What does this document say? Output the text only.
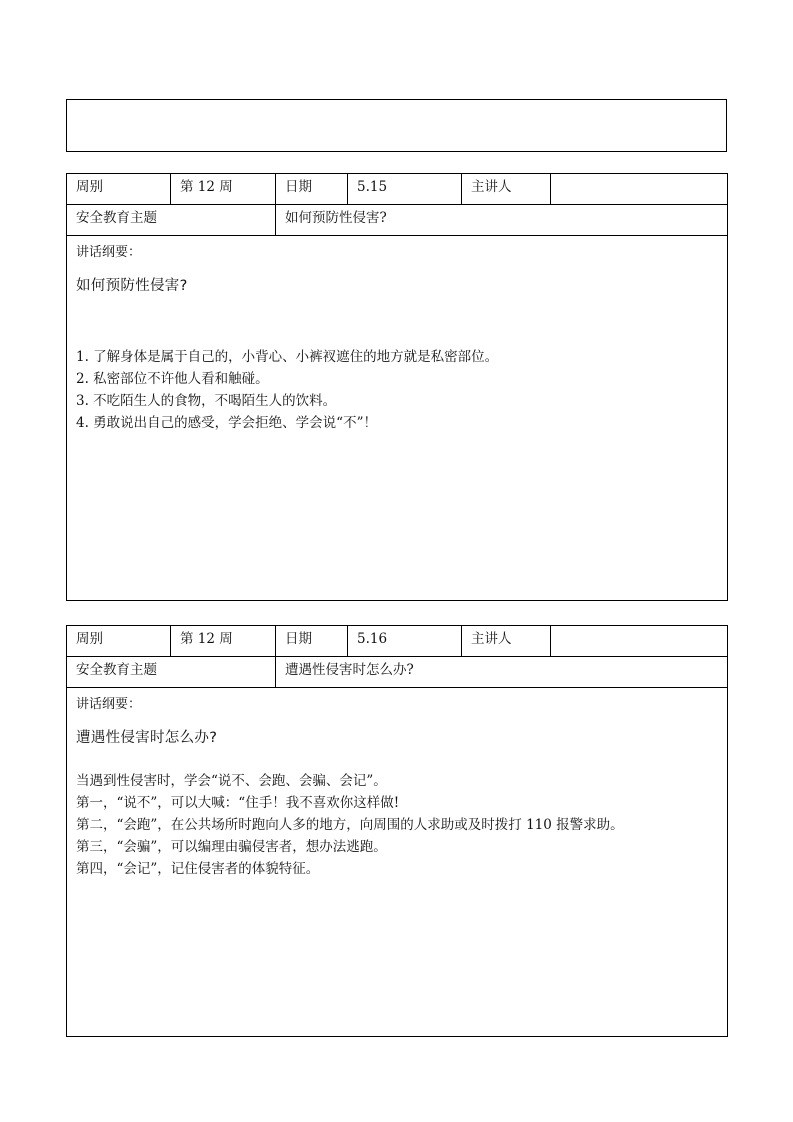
周别	第 12 周	日期	5.15	主讲人	
安全教育主题		如何预防性侵害?			

讲话纲要：

如何预防性侵害?

1. 了解身体是属于自己的，小背心、小裤衩遮住的地方就是私密部位。

2. 私密部位不许他人看和触碰。

3. 不吃陌生人的食物，不喝陌生人的饮料。

4. 勇敢说出自己的感受，学会拒绝、学会说“不”！

周别	第 12 周	日期	5.16	主讲人	
安全教育主题		遭遇性侵害时怎么办?			

讲话纲要：

遭遇性侵害时怎么办?

当遇到性侵害时，学会“说不、会跑、会骗、会记”。

第一，“说不”，可以大喊：“住手！我不喜欢你这样做!

第二，“会跑”，在公共场所时跑向人多的地方，向周围的人求助或及时拨打 110 报警求助。

第三，“会骗”，可以编理由骗侵害者，想办法逃跑。

第四，“会记”，记住侵害者的体貌特征。
